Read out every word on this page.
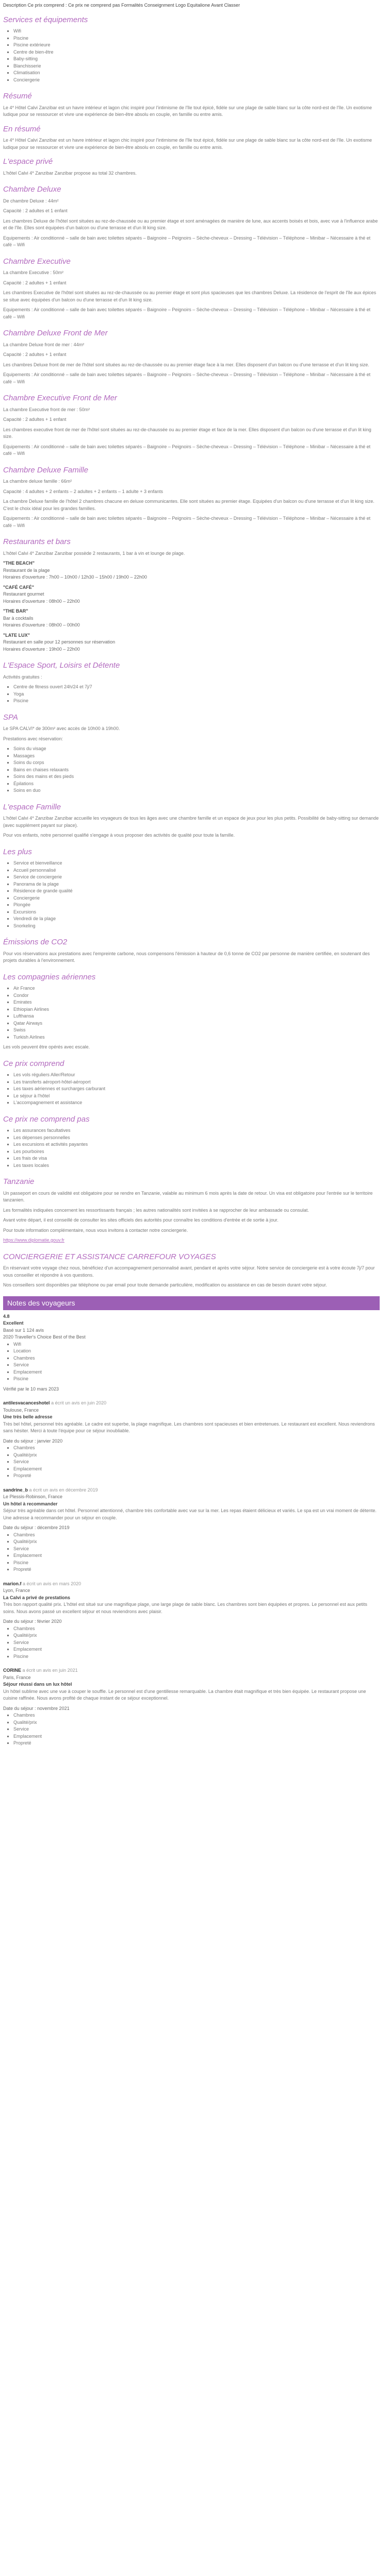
Description Ce prix comprend : Ce prix ne comprend pas Formalités Conseignment Logo Equitalione Avant Classer
Services et équipements
▪ Wifi
▪ Piscine
▪ Piscine extérieure
▪ Centre de bien-être
▪ Baby-sitting
▪ Blanchisserie
▪ Climatisation
▪ Conciergerie
Résumé

Le 4* Hôtel Calvi Zanzibar est un havre intérieur et lagon chic inspiré pour l'intimisme de l'île tout épicé, fidèle sur une plage de sable blanc sur la côte nord-est de l'île. Un exotisme ludique pour se ressourcer et vivre une expérience de bien-être absolu en couple, en famille ou entre amis.

En résumé

Le 4* Hôtel Calvi Zanzibar est un havre intérieur et lagon chic inspiré pour l'intimisme de l'île tout épicé, fidèle sur une plage de sable blanc sur la côte nord-est de l'île. Un exotisme ludique pour se ressourcer et vivre une expérience de bien-être absolu en couple, en famille ou entre amis.

L'espace privé

L'hôtel Calvi 4* Zanzibar Zanzibar propose au total 32 chambres.

Chambre Deluxe

De chambre Deluxe : 44m²

Capacité : 2 adultes et 1 enfant

Les chambres Deluxe de l'hôtel sont situées au rez-de-chaussée ou au premier étage et sont aménagées de manière de lune, aux accents boisés et bois, avec vue à l'influence arabe et de l'île. Elles sont équipées d'un balcon ou d'une terrasse et d'un lit king size.

Equipements : Air conditionné – salle de bain avec toilettes séparés – Baignoire – Peignoirs – Sèche-cheveux – Dressing – Télévision – Téléphone – Minibar – Nécessaire à thé et café – Wifi

Chambre Executive

La chambre Executive : 50m²

Capacité : 2 adultes + 1 enfant

Les chambres Executive de l'hôtel sont situées au rez-de-chaussée ou au premier étage et sont plus spacieuses que les chambres Deluxe. La résidence de l'esprit de l'île aux épices se situe avec équipées d'un balcon ou d'une terrasse et d'un lit king size.

Equipements : Air conditionné – salle de bain avec toilettes séparés – Baignoire – Peignoirs – Sèche-cheveux – Dressing – Télévision – Téléphone – Minibar – Nécessaire à thé et café – Wifi

Chambre Deluxe Front de Mer

La chambre Deluxe front de mer : 44m²

Capacité : 2 adultes + 1 enfant

Les chambres Deluxe front de mer de l'hôtel sont situées au rez-de-chaussée ou au premier étage face à la mer. Elles disposent d'un balcon ou d'une terrasse et d'un lit king size.

Equipements : Air conditionné – salle de bain avec toilettes séparés – Baignoire – Peignoirs – Sèche-cheveux – Dressing – Télévision – Téléphone – Minibar – Nécessaire à thé et café – Wifi

Chambre Executive Front de Mer

La chambre Executive front de mer : 50m²

Capacité : 2 adultes + 1 enfant

Les chambres executive front de mer de l'hôtel sont situées au rez-de-chaussée ou au premier étage et face de la mer. Elles disposent d'un balcon ou d'une terrasse et d'un lit king size.

Equipements : Air conditionné – salle de bain avec toilettes séparés – Baignoire – Peignoirs – Sèche-cheveux – Dressing – Télévision – Téléphone – Minibar – Nécessaire à thé et café – Wifi

Chambre Deluxe Famille

La chambre deluxe famille : 66m²

Capacité : 4 adultes + 2 enfants – 2 adultes + 2 enfants – 1 adulte + 3 enfants

La chambre Deluxe famille de l'hôtel 2 chambres chacune en deluxe communicantes. Elle sont situées au premier étage. Equipées d'un balcon ou d'une terrasse et d'un lit king size. C'est le choix idéal pour les grandes familles.

Equipements : Air conditionné – salle de bain avec toilettes séparés – Baignoire – Peignoirs – Sèche-cheveux – Dressing – Télévision – Téléphone – Minibar – Nécessaire à thé et café – Wifi

Restaurants et bars

L'hôtel Calvi 4* Zanzibar Zanzibar possède 2 restaurants, 1 bar à vin et lounge de plage.

"THE BEACH"
Restaurant de la plage
Horaires d'ouverture : 7h00 – 10h00 / 12h30 – 15h00 / 19h00 – 22h00
"CAFÉ CAFÉ"
Restaurant gourmet
Horaires d'ouverture : 08h00 – 22h00
"THE BAR"
Bar à cocktails
Horaires d'ouverture : 08h00 – 00h00
"LATE LUX"
Restaurant en salle pour 12 personnes sur réservation
Horaires d'ouverture : 19h00 – 22h00
L'Espace Sport, Loisirs et Détente

Activités gratuites :

▪ Centre de fitness ouvert 24h/24 et 7j/7
▪ Yoga
▪ Piscine
SPA

Le SPA CALVI* de 300m² avec accès de 10h00 à 19h00.

Prestations avec réservation:

▪ Soins du visage
▪ Massages
▪ Soins du corps
▪ Bains en chaises relaxants
▪ Soins des mains et des pieds
▪ Épilations
▪ Soins en duo
L'espace Famille

L'hôtel Calvi 4* Zanzibar Zanzibar accueille les voyageurs de tous les âges avec une chambre famille et un espace de jeux pour les plus petits. Possibilité de baby-sitting sur demande (avec supplément payant sur place).

Pour vos enfants, notre personnel qualifié s'engage à vous proposer des activités de qualité pour toute la famille.

Les plus
▪ Service et bienveillance
▪ Accueil personnalisé
▪ Service de conciergerie
▪ Panorama de la plage
▪ Résidence de grande qualité
▪ Conciergerie
▪ Plongée
▪ Excursions
▪ Vendredi de la plage
▪ Snorkeling
Émissions de CO2

Pour vos réservations aux prestations avec l'empreinte carbone, nous compensons l'émission à hauteur de 0,6 tonne de CO2 par personne de manière certifiée, en soutenant des projets durables à l'environnement.

Les compagnies aériennes
▪ Air France
▪ Condor
▪ Emirates
▪ Ethiopian Airlines
▪ Lufthansa
▪ Qatar Airways
▪ Swiss
▪ Turkish Airlines

Les vols peuvent être opérés avec escale.

Ce prix comprend
▪ Les vols réguliers Aller/Retour
▪ Les transferts aéroport-hôtel-aéroport
▪ Les taxes aériennes et surcharges carburant
▪ Le séjour à l'hôtel
▪ L'accompagnement et assistance
Ce prix ne comprend pas
▪ Les assurances facultatives
▪ Les dépenses personnelles
▪ Les excursions et activités payantes
▪ Les pourboires
▪ Les frais de visa
▪ Les taxes locales
Tanzanie

Un passeport en cours de validité est obligatoire pour se rendre en Tanzanie, valable au minimum 6 mois après la date de retour. Un visa est obligatoire pour l'entrée sur le territoire tanzanien.

Les formalités indiquées concernent les ressortissants français ; les autres nationalités sont invitées à se rapprocher de leur ambassade ou consulat.

Avant votre départ, il est conseillé de consulter les sites officiels des autorités pour connaître les conditions d'entrée et de sortie à jour.

Pour toute information complémentaire, nous vous invitons à contacter notre conciergerie.

https://www.diplomatie.gouv.fr

CONCIERGERIE ET ASSISTANCE CARREFOUR VOYAGES

En réservant votre voyage chez nous, bénéficiez d'un accompagnement personnalisé avant, pendant et après votre séjour. Notre service de conciergerie est à votre écoute 7j/7 pour vous conseiller et répondre à vos questions.

Nos conseillers sont disponibles par téléphone ou par email pour toute demande particulière, modification ou assistance en cas de besoin durant votre séjour.

Notes des voyageurs
4.8
Excellent
Basé sur 1 124 avis
2020 Traveller's Choice Best of the Best
▪ Wifi
▪ Location
▪ Chambres
▪ Service
▪ Emplacement
▪ Piscine
Vérifié par le 10 mars 2023
antilesvacanceshotel a écrit un avis en juin 2020
Toulouse, France
Une très belle adresse

Très bel hôtel, personnel très agréable. Le cadre est superbe, la plage magnifique. Les chambres sont spacieuses et bien entretenues. Le restaurant est excellent. Nous reviendrons sans hésiter. Merci à toute l'équipe pour ce séjour inoubliable.

Date du séjour : janvier 2020
▪ Chambres
▪ Qualité/prix
▪ Service
▪ Emplacement
▪ Propreté
sandrine_b a écrit un avis en décembre 2019
Le Plessis-Robinson, France
Un hôtel à recommander

Séjour très agréable dans cet hôtel. Personnel attentionné, chambre très confortable avec vue sur la mer. Les repas étaient délicieux et variés. Le spa est un vrai moment de détente. Une adresse à recommander pour un séjour en couple.

Date du séjour : décembre 2019
▪ Chambres
▪ Qualité/prix
▪ Service
▪ Emplacement
▪ Piscine
▪ Propreté
marion.f a écrit un avis en mars 2020
Lyon, France
La Calvi a privé de prestations

Très bon rapport qualité prix. L'hôtel est situé sur une magnifique plage, une large plage de sable blanc. Les chambres sont bien équipées et propres. Le personnel est aux petits soins. Nous avons passé un excellent séjour et nous reviendrons avec plaisir.

Date du séjour : février 2020
▪ Chambres
▪ Qualité/prix
▪ Service
▪ Emplacement
▪ Piscine
CORINE a écrit un avis en juin 2021
Paris, France
Séjour réussi dans un lux hôtel

Un hôtel sublime avec une vue à couper le souffle. Le personnel est d'une gentillesse remarquable. La chambre était magnifique et très bien équipée. Le restaurant propose une cuisine raffinée. Nous avons profité de chaque instant de ce séjour exceptionnel.

Date du séjour : novembre 2021
▪ Chambres
▪ Qualité/prix
▪ Service
▪ Emplacement
▪ Propreté
